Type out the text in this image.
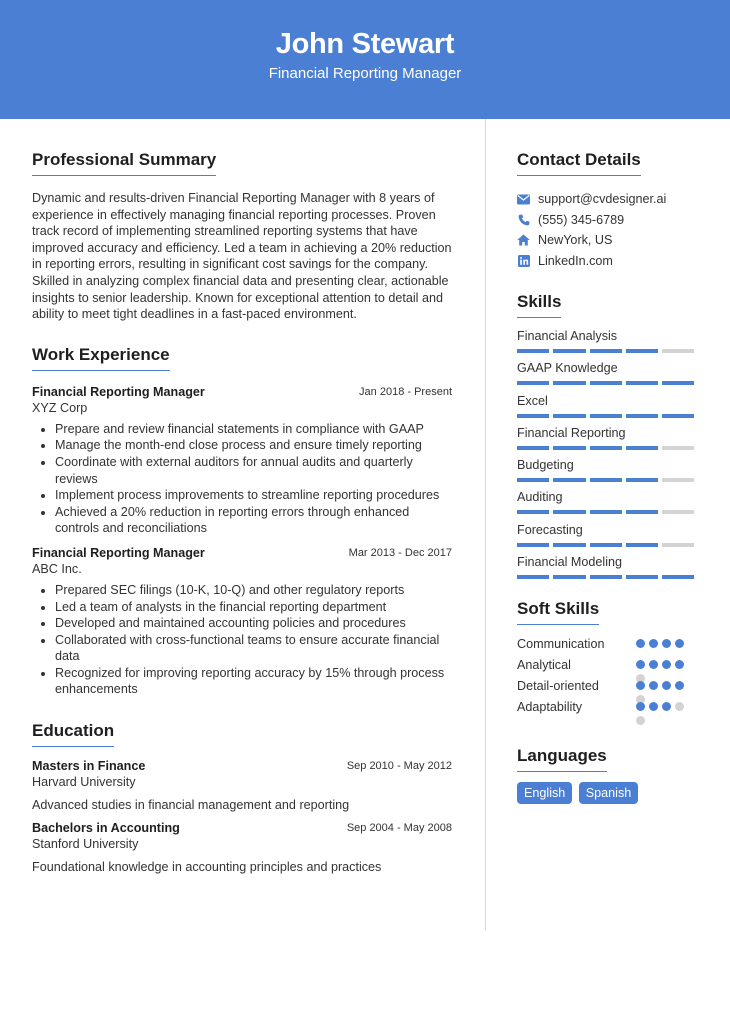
John Stewart
Financial Reporting Manager
Professional Summary
Dynamic and results-driven Financial Reporting Manager with 8 years of experience in effectively managing financial reporting processes. Proven track record of implementing streamlined reporting systems that have improved accuracy and efficiency. Led a team in achieving a 20% reduction in reporting errors, resulting in significant cost savings for the company. Skilled in analyzing complex financial data and presenting clear, actionable insights to senior leadership. Known for exceptional attention to detail and ability to meet tight deadlines in a fast-paced environment.
Work Experience
Financial Reporting Manager	Jan 2018 - Present
XYZ Corp
Prepare and review financial statements in compliance with GAAP
Manage the month-end close process and ensure timely reporting
Coordinate with external auditors for annual audits and quarterly reviews
Implement process improvements to streamline reporting procedures
Achieved a 20% reduction in reporting errors through enhanced controls and reconciliations
Financial Reporting Manager	Mar 2013 - Dec 2017
ABC Inc.
Prepared SEC filings (10-K, 10-Q) and other regulatory reports
Led a team of analysts in the financial reporting department
Developed and maintained accounting policies and procedures
Collaborated with cross-functional teams to ensure accurate financial data
Recognized for improving reporting accuracy by 15% through process enhancements
Education
Masters in Finance	Sep 2010 - May 2012
Harvard University
Advanced studies in financial management and reporting
Bachelors in Accounting	Sep 2004 - May 2008
Stanford University
Foundational knowledge in accounting principles and practices
Contact Details
support@cvdesigner.ai
(555) 345-6789
NewYork, US
LinkedIn.com
Skills
Financial Analysis
GAAP Knowledge
Excel
Financial Reporting
Budgeting
Auditing
Forecasting
Financial Modeling
Soft Skills
Communication
Analytical
Detail-oriented
Adaptability
Languages
English Spanish
